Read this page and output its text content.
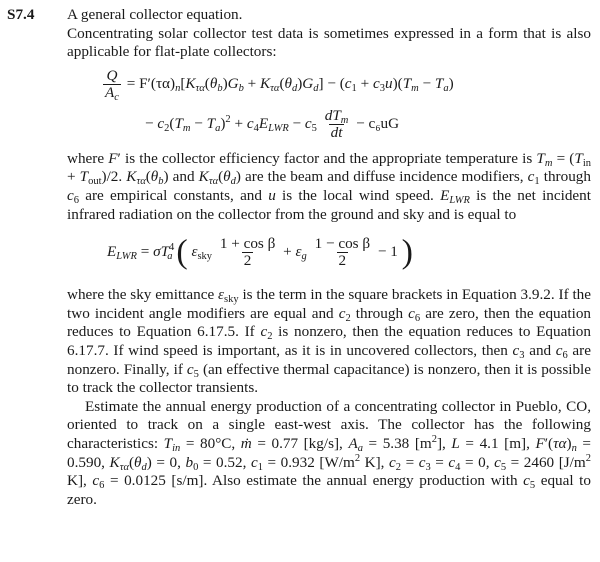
S7.4 A general collector equation.

Concentrating solar collector test data is sometimes expressed in a form that is also applicable for flat-plate collectors:

$\frac{Q}{A_c} = F'(\tau\alpha)_n[K_{\tau\alpha}(\theta_b)G_b + K_{\tau\alpha}(\theta_d)G_d] - (c_1 + c_3u)(T_m - T_a)$
− $c_2(T_m - T_a)^2 + c_4E_{LWR} - c_5 \frac{dT_m}{dt} - c_6uG$

where F′ is the collector efficiency factor and the appropriate temperature is $T_m = (T_{in} + T_{out})/2$. $K_{\tau\alpha}(\theta_b)$ and $K_{\tau\alpha}(\theta_d)$ are the beam and diffuse incidence modifiers, $c_1$ through $c_6$ are empirical constants, and u is the local wind speed. $E_{LWR}$ is the net incident infrared radiation on the collector from the ground and sky and is equal to

$E_{LWR} = \sigma T^4_a$ ( $\varepsilon_{sky} \frac{\text{1 + cos β}}{2} + \varepsilon_g \frac{\text{1 − cos β}}{2} - 1$ )

where the sky emittance $\varepsilon_{sky}$ is the term in the square brackets in Equation 3.9.2. If the two incident angle modifiers are equal and $c_2$ through $c_6$ are zero, then the equation reduces to Equation 6.17.5. If $c_2$ is nonzero, then the equation reduces to Equation 6.17.7. If wind speed is important, as it is in uncovered collectors, then $c_3$ and $c_6$ are nonzero. Finally, if $c_5$ (an effective thermal capacitance) is nonzero, then it is possible to track the collector transients.

Estimate the annual energy production of a concentrating collector in Pueblo, CO, oriented to track on a single east-west axis. The collector has the following characteristics: $T_{in} = 80^\circ C$, ṁ = 0.77 [kg/s], $A_a = 5.38$ $[m^2]$, L = 4.1 [m], $F'(\tau\alpha)_n = 0.590$, $K_{\tau\alpha}(\theta_d) = 0$, $b_0 = 0.52$, $c_1 = 0.932$ [$W/m^2$ K], $c_2 = c_3 = c_4 = 0$, $c_5 = 2460$ [$J/m^2$ K], $c_6 = 0.0125$ [s/m]. Also estimate the annual energy production with $c_5$ equal to zero.
